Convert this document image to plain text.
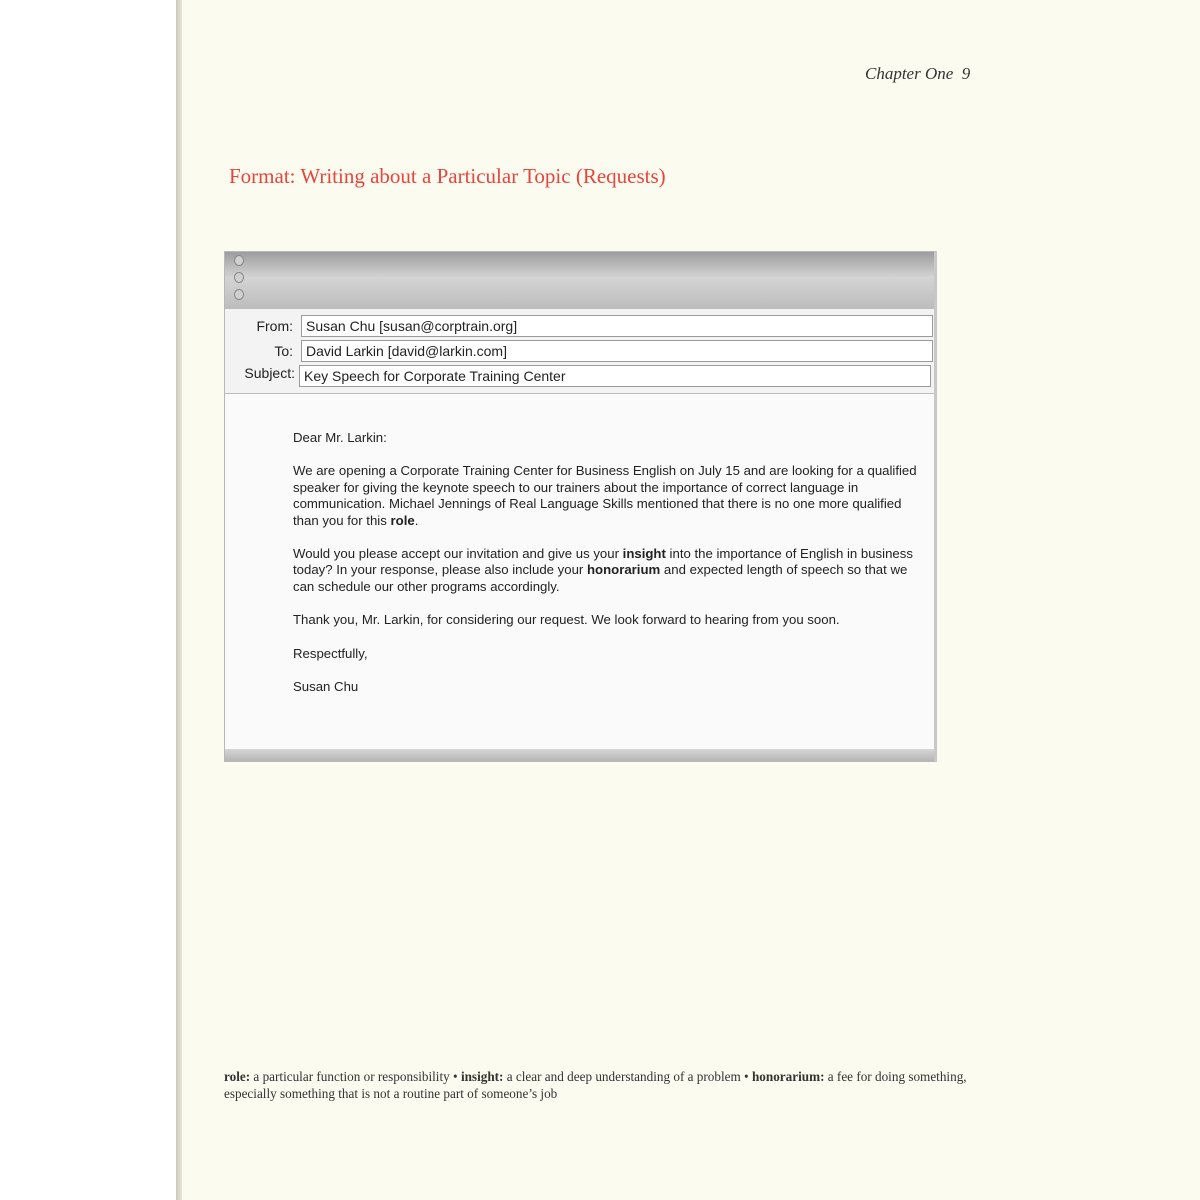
Chapter One 9
Format: Writing about a Particular Topic (Requests)
From: Susan Chu [susan@corptrain.org]
To: David Larkin [david@larkin.com]
Subject: Key Speech for Corporate Training Center

Dear Mr. Larkin:

We are opening a Corporate Training Center for Business English on July 15 and are looking for a qualified speaker for giving the keynote speech to our trainers about the importance of correct language in communication. Michael Jennings of Real Language Skills mentioned that there is no one more qualified than you for this role.

Would you please accept our invitation and give us your insight into the importance of English in business today? In your response, please also include your honorarium and expected length of speech so that we can schedule our other programs accordingly.

Thank you, Mr. Larkin, for considering our request. We look forward to hearing from you soon.

Respectfully,

Susan Chu

role: a particular function or responsibility • insight: a clear and deep understanding of a problem • honorarium: a fee for doing something, especially something that is not a routine part of someone’s job
